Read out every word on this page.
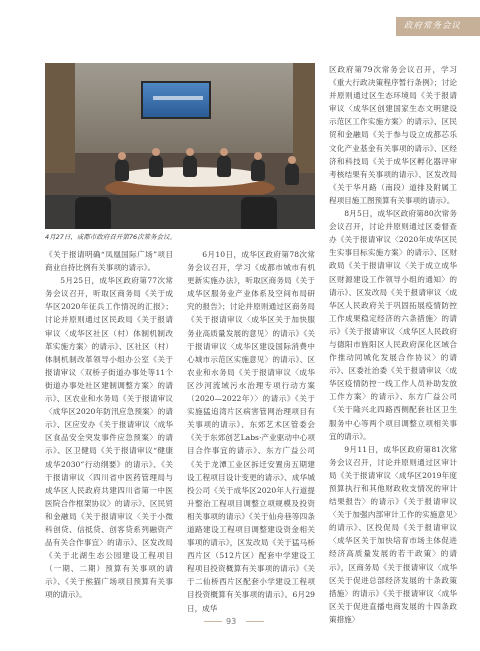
政府常务会议
4月27日，成都市政府召开第76次常务会议。

《关于报请明确“凤凰国际广场”项目商业自持比例有关事项的请示》。

5月25日，成华区政府第77次常务会议召开，听取区商务局《关于成华区2020年征兵工作情况的汇报》；讨论并原则通过区民政局《关于报请审议〈成华区社区（村）体制机制改革实施方案〉的请示》、区社区（村）体制机制改革领导小组办公室《关于报请审议〈双桥子街道办事处等11个街道办事处社区建制调整方案〉的请示》、区农业和水务局《关于报请审议〈成华区2020年防汛应急预案〉的请示》、区应安办《关于报请审议〈成华区食品安全突发事件应急预案〉的请示》、区卫健局《关于报请审议“健康成华2030”行动纲要》的请示》、《关于报请审议〈四川省中医药管理局与成华区人民政府共建四川省第一中医医院合作框架协议〉的请示》、区民贸和金融局《关于报请审议〈关于小微科创贷、信抵贷、创客贷系列融资产品有关合作事宜〉的请示》、区发改局《关于北湖生态公园建设工程项目（一期、二期）预算有关事项的请示》、《关于熊猫广场项目预算有关事项的请示》。

6月10日，成华区政府第78次常务会议召开，学习《成都市城市有机更新实施办法》，听取区商务局《关于成华区服务业产业体系及空间布局研究的报告》；讨论并原则通过区商务局《关于报请审议〈成华区关于加快服务业高质量发展的意见〉的请示》《关于报请审议〈成华区建设国际消费中心城市示范区实施意见〉的请示》、区农业和水务局《关于报请审议〈成华区沙河流域污水治理专项行动方案（2020—2022年）〉的请示》《关于实施猛追湾片区病害管网治理项目有关事项的请示》、东郊艺术区管委会《关于东郊创艺Labs·产业驱动中心项目合作事宜的请示》、东方广益公司《关于龙潭工业区拆迁安置房五期建设工程项目设计变更的请示》、成华城投公司《关于成华区2020年人行道提升整治工程项目调整立项规模及投资相关事项的请示》《关于仙舟巷等四条道路建设工程项目调整建设资金相关事项的请示》，区发改局《关于猛马桥西片区（512片区）配套中学建设工程项目投资概算有关事项的请示》《关于二仙桥西片区配套小学建设工程项目投资概算有关事项的请示》。6月29日，成华

区政府第79次常务会议召开，学习《重大行政决策程序暂行条例》；讨论并原则通过区生态环境局《关于报请审议〈成华区创建国家生态文明建设示范区工作实施方案〉的请示》、区民贸和金融局《关于参与设立成都芯乐文化产业基金有关事项的请示》、区经济和科技局《关于成华区孵化器评审考核结果有关事项的请示》、区发改局《关于华月路（南段）道排及附属工程项目施工图预算有关事项的请示》。

8月5日，成华区政府第80次常务会议召开，讨论并原则通过区委督查办《关于报请审议〈2020年成华区民生实事目标实施方案〉的请示》、区财政局《关于报请审议〈关于成立成华区财源建设工作领导小组的通知〉的请示》、区发改局《关于报请审议〈成华区人民政府关于巩固拓展疫情防控工作成果稳定经济的六条措施〉的请示》《关于报请审议〈成华区人民政府与德阳市旌阳区人民政府深化区域合作推动同城化发展合作协议〉的请示》、区委社治委《关于报请审议〈成华区疫情防控一线工作人员补助发放工作方案〉的请示》、东方广益公司《关于隆兴北四路西侧配套社区卫生服务中心等两个项目调整立项相关事宜的请示》。

9月11日，成华区政府第81次常务会议召开，讨论并原则通过区审计局《关于报请审议〈成华区2019年度预算执行和其他财政收支情况的审计结果报告〉的请示》《关于报请审议〈关于加强内部审计工作的实施意见〉的请示》、区投促局《关于报请审议〈成华区关于加快培育市场主体促进经济高质量发展的若干政策〉的请示》，区商务局《关于报请审议〈成华区关于促进总部经济发展的十条政策措施〉的请示》《关于报请审议〈成华区关于促进直播电商发展的十四条政策措施〉

93
